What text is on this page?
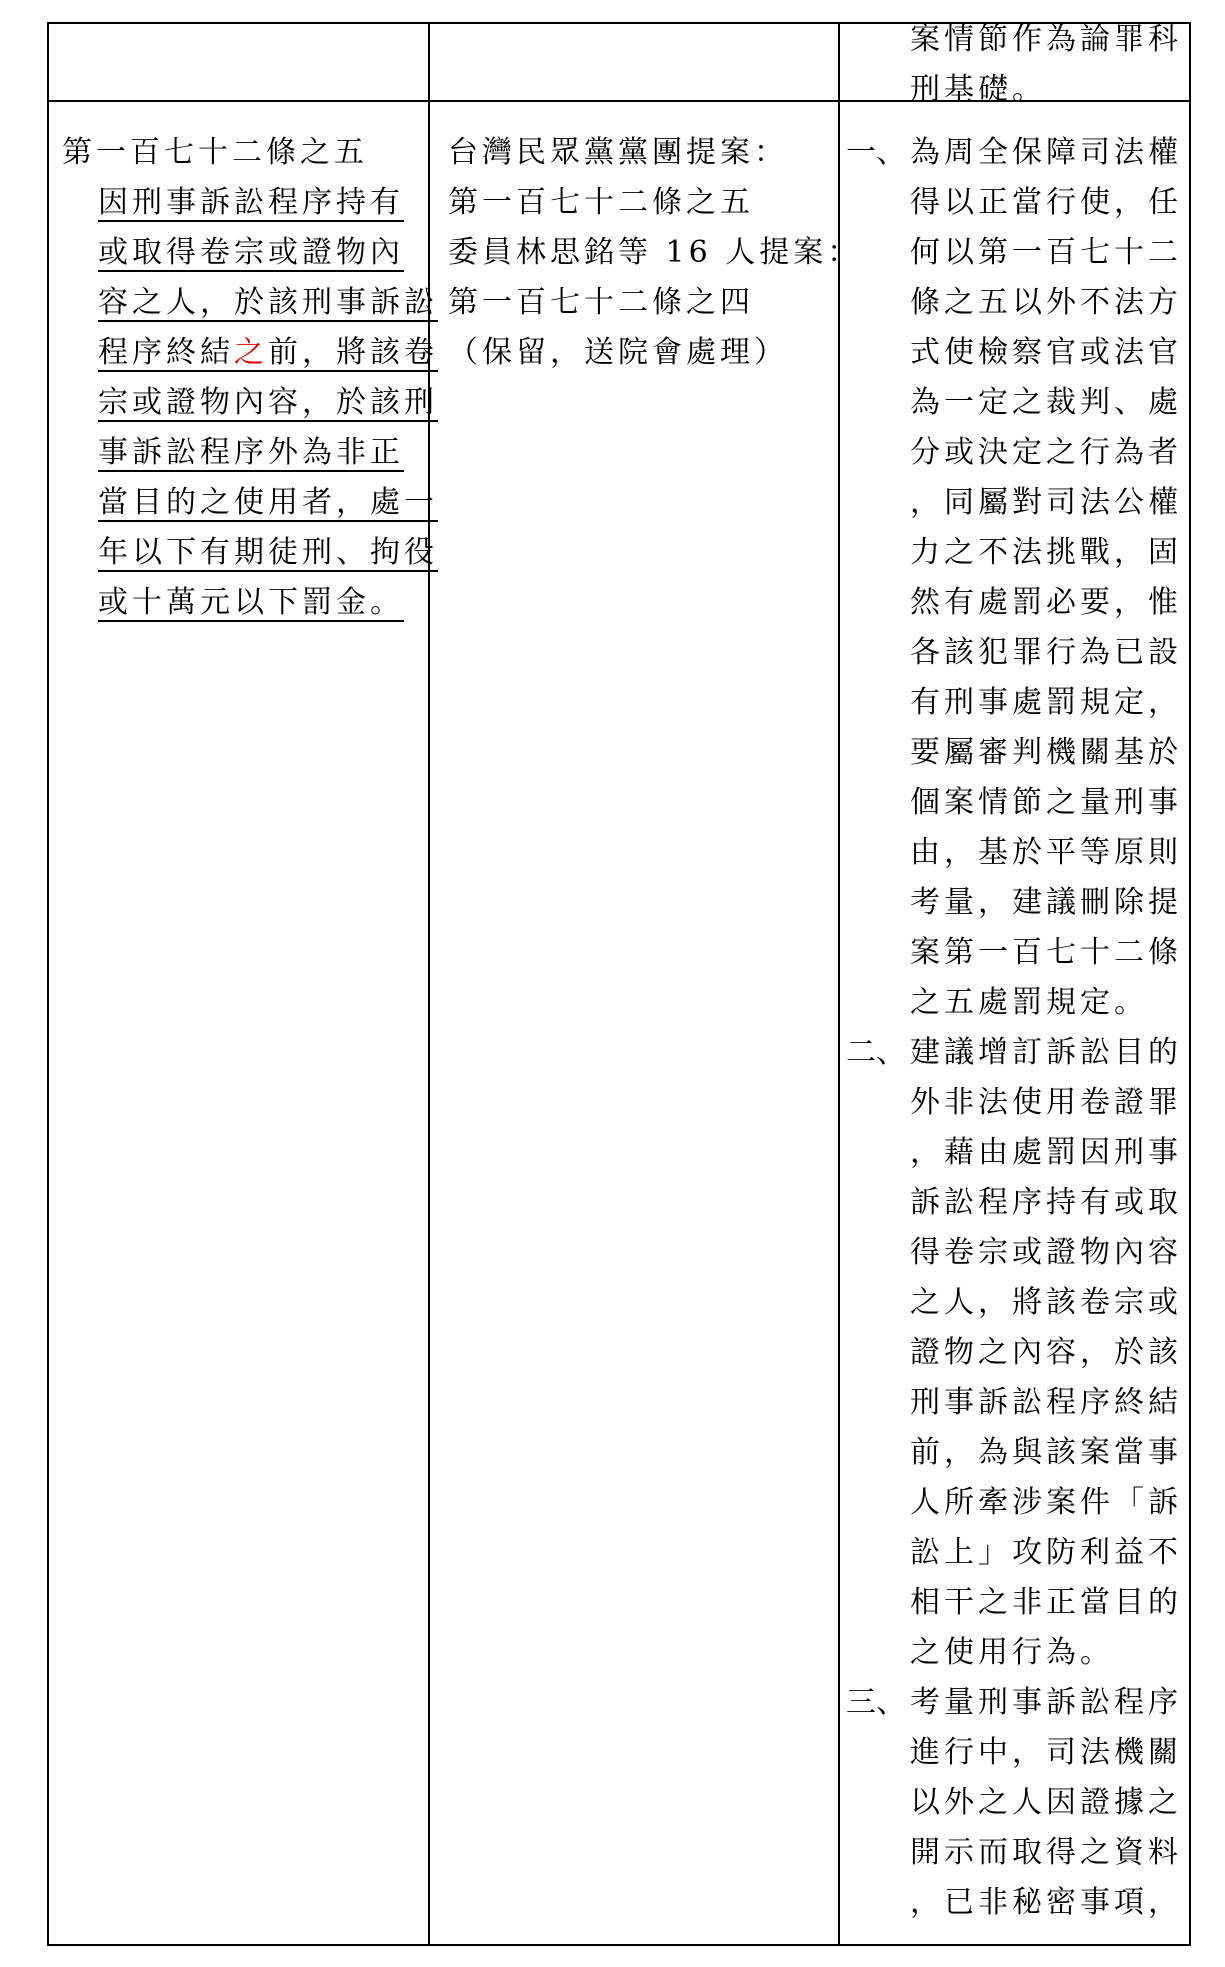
案情節作為論罪科
刑基礎。
第一百七十二條之五
因刑事訴訟程序持有
或取得卷宗或證物內
容之人，於該刑事訴訟
程序終結之前，將該卷
宗或證物內容，於該刑
事訴訟程序外為非正
當目的之使用者，處一
年以下有期徒刑、拘役
或十萬元以下罰金。
台灣民眾黨黨團提案：
第一百七十二條之五
委員林思銘等 16 人提案：
第一百七十二條之四
（保留，送院會處理）
一、 為周全保障司法權
得以正當行使，任
何以第一百七十二
條之五以外不法方
式使檢察官或法官
為一定之裁判、處
分或決定之行為者
，同屬對司法公權
力之不法挑戰，固
然有處罰必要，惟
各該犯罪行為已設
有刑事處罰規定，
要屬審判機關基於
個案情節之量刑事
由，基於平等原則
考量，建議刪除提
案第一百七十二條
之五處罰規定。
二、 建議增訂訴訟目的
外非法使用卷證罪
，藉由處罰因刑事
訴訟程序持有或取
得卷宗或證物內容
之人，將該卷宗或
證物之內容，於該
刑事訴訟程序終結
前，為與該案當事
人所牽涉案件「訴
訟上」攻防利益不
相干之非正當目的
之使用行為。
三、 考量刑事訴訟程序
進行中，司法機關
以外之人因證據之
開示而取得之資料
，已非秘密事項，
